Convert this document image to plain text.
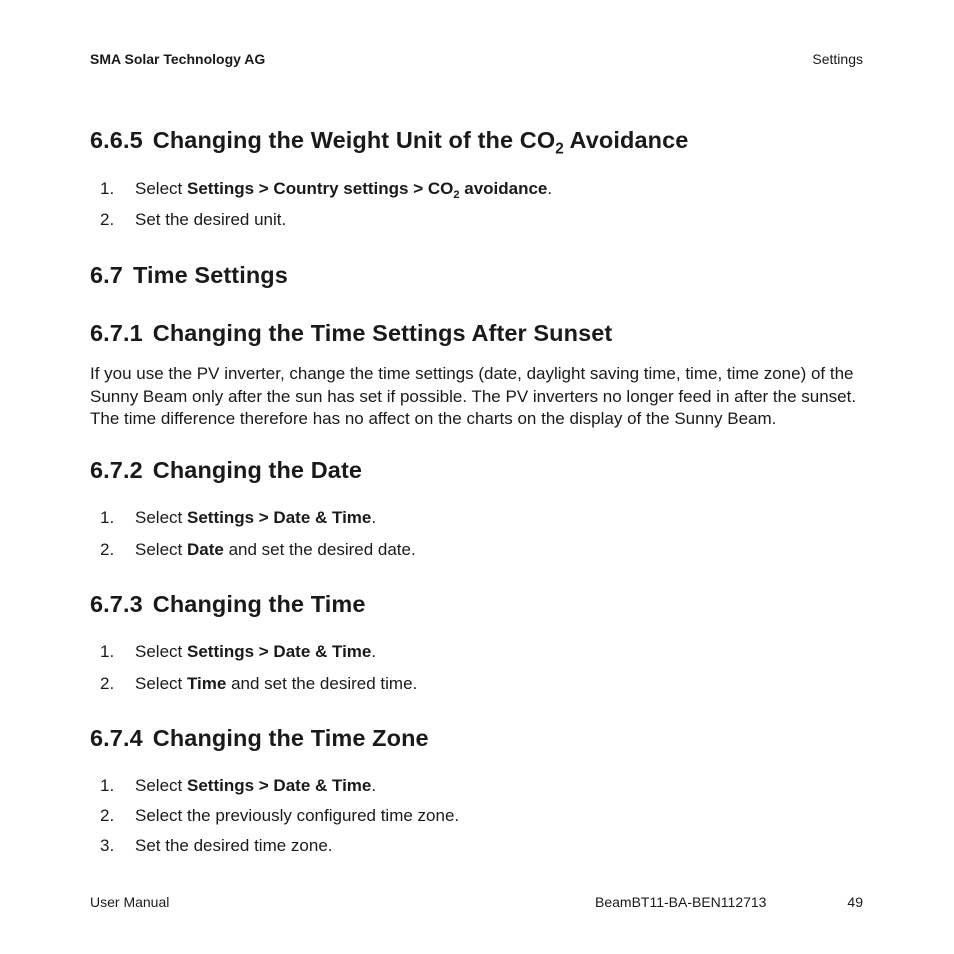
SMA Solar Technology AG	Settings
6.6.5 Changing the Weight Unit of the $CO_2$ Avoidance
1. Select Settings > Country settings > $CO_2$ avoidance.
2. Set the desired unit.
6.7 Time Settings
6.7.1 Changing the Time Settings After Sunset
If you use the PV inverter, change the time settings (date, daylight saving time, time, time zone) of the
Sunny Beam only after the sun has set if possible. The PV inverters no longer feed in after the sunset.
The time difference therefore has no affect on the charts on the display of the Sunny Beam.
6.7.2 Changing the Date
1. Select Settings > Date & Time.
2. Select Date and set the desired date.
6.7.3 Changing the Time
1. Select Settings > Date & Time.
2. Select Time and set the desired time.
6.7.4 Changing the Time Zone
1. Select Settings > Date & Time.
2. Select the previously configured time zone.
3. Set the desired time zone.
User Manual	BeamBT11-BA-BEN112713	49
